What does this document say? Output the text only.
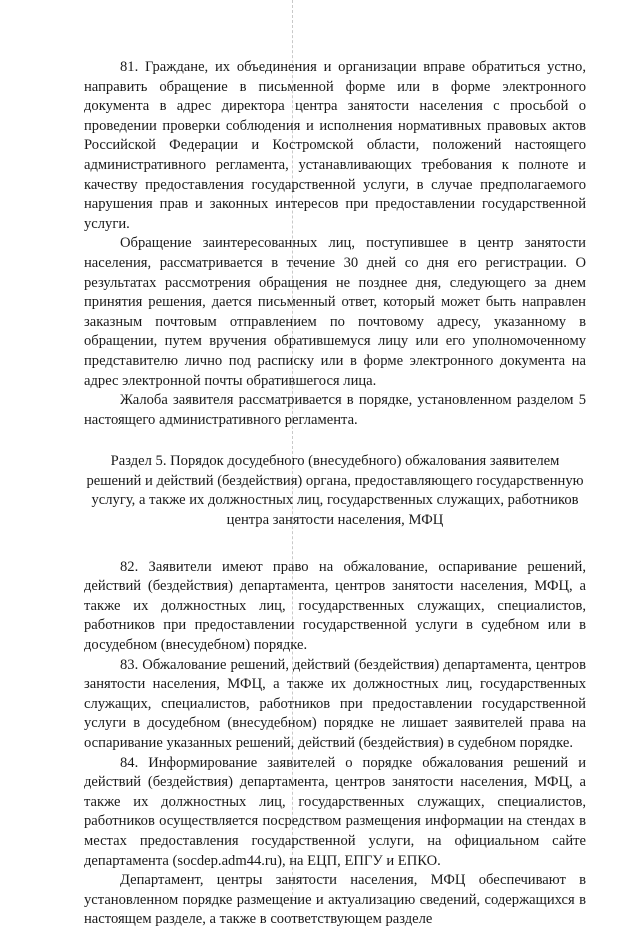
81. Граждане, их объединения и организации вправе обратиться устно, направить обращение в письменной форме или в форме электронного документа в адрес директора центра занятости населения с просьбой о проведении проверки соблюдения и исполнения нормативных правовых актов Российской Федерации и Костромской области, положений настоящего административного регламента, устанавливающих требования к полноте и качеству предоставления государственной услуги, в случае предполагаемого нарушения прав и законных интересов при предоставлении государственной услуги.

Обращение заинтересованных лиц, поступившее в центр занятости населения, рассматривается в течение 30 дней со дня его регистрации. О результатах рассмотрения обращения не позднее дня, следующего за днем принятия решения, дается письменный ответ, который может быть направлен заказным почтовым отправлением по почтовому адресу, указанному в обращении, путем вручения обратившемуся лицу или его уполномоченному представителю лично под расписку или в форме электронного документа на адрес электронной почты обратившегося лица.

Жалоба заявителя рассматривается в порядке, установленном разделом 5 настоящего административного регламента.

Раздел 5. Порядок досудебного (внесудебного) обжалования заявителем решений и действий (бездействия) органа, предоставляющего государственную услугу, а также их должностных лиц, государственных служащих, работников центра занятости населения, МФЦ

82. Заявители имеют право на обжалование, оспаривание решений, действий (бездействия) департамента, центров занятости населения, МФЦ, а также их должностных лиц, государственных служащих, специалистов, работников при предоставлении государственной услуги в судебном или в досудебном (внесудебном) порядке.

83. Обжалование решений, действий (бездействия) департамента, центров занятости населения, МФЦ, а также их должностных лиц, государственных служащих, специалистов, работников при предоставлении государственной услуги в досудебном (внесудебном) порядке не лишает заявителей права на оспаривание указанных решений, действий (бездействия) в судебном порядке.

84. Информирование заявителей о порядке обжалования решений и действий (бездействия) департамента, центров занятости населения, МФЦ, а также их должностных лиц, государственных служащих, специалистов, работников осуществляется посредством размещения информации на стендах в местах предоставления государственной услуги, на официальном сайте департамента (socdep.adm44.ru), на ЕЦП, ЕПГУ и ЕПКО.

Департамент, центры занятости населения, МФЦ обеспечивают в установленном порядке размещение и актуализацию сведений, содержащихся в настоящем разделе, а также в соответствующем разделе
